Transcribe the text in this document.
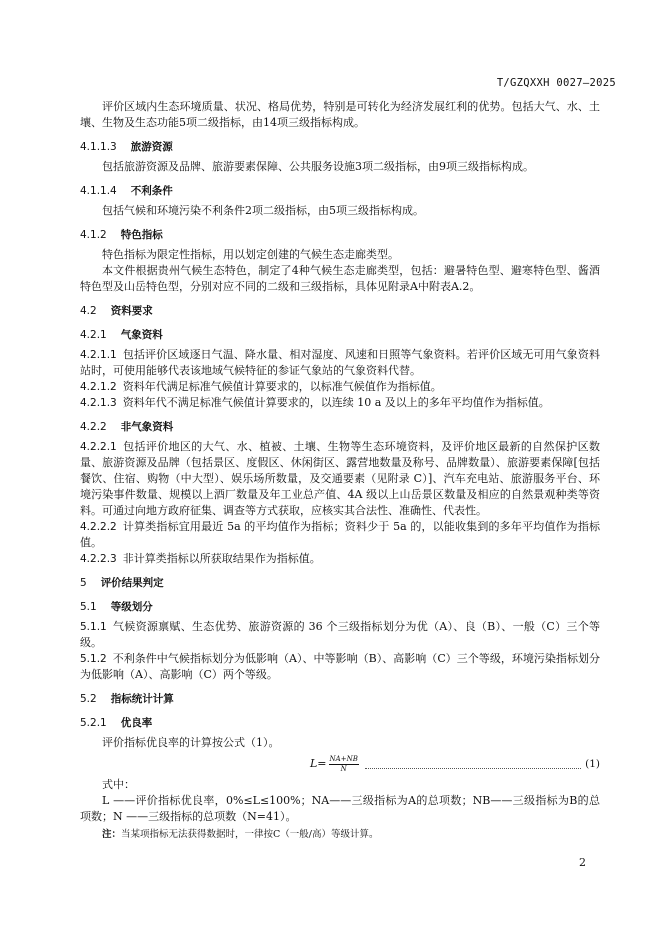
T/GZQXXH 0027—2025

评价区域内生态环境质量、状况、格局优势，特别是可转化为经济发展红利的优势。包括大气、水、土壤、生物及生态功能5项二级指标，由14项三级指标构成。

4.1.1.3 旅游资源

包括旅游资源及品牌、旅游要素保障、公共服务设施3项二级指标，由9项三级指标构成。

4.1.1.4 不利条件

包括气候和环境污染不利条件2项二级指标，由5项三级指标构成。

4.1.2 特色指标

特色指标为限定性指标，用以划定创建的气候生态走廊类型。

本文件根据贵州气候生态特色，制定了4种气候生态走廊类型，包括：避暑特色型、避寒特色型、酱酒特色型及山岳特色型，分别对应不同的二级和三级指标，具体见附录A中附表A.2。

4.2 资料要求

4.2.1 气象资料

4.2.1.1 包括评价区域逐日气温、降水量、相对湿度、风速和日照等气象资料。若评价区域无可用气象资料站时，可使用能够代表该地域气候特征的参证气象站的气象资料代替。

4.2.1.2 资料年代满足标准气候值计算要求的，以标准气候值作为指标值。

4.2.1.3 资料年代不满足标准气候值计算要求的，以连续 10 a 及以上的多年平均值作为指标值。

4.2.2 非气象资料

4.2.2.1 包括评价地区的大气、水、植被、土壤、生物等生态环境资料，及评价地区最新的自然保护区数量、旅游资源及品牌（包括景区、度假区、休闲街区、露营地数量及称号、品牌数量）、旅游要素保障[包括餐饮、住宿、购物（中大型）、娱乐场所数量，及交通要素（见附录 C）]、汽车充电站、旅游服务平台、环境污染事件数量、规模以上酒厂数量及年工业总产值、4A 级以上山岳景区数量及相应的自然景观种类等资料。可通过向地方政府征集、调查等方式获取，应核实其合法性、准确性、代表性。

4.2.2.2 计算类指标宜用最近 5a 的平均值作为指标；资料少于 5a 的，以能收集到的多年平均值作为指标值。

4.2.2.3 非计算类指标以所获取结果作为指标值。

5 评价结果判定

5.1 等级划分

5.1.1 气候资源禀赋、生态优势、旅游资源的 36 个三级指标划分为优（A）、良（B）、一般（C）三个等级。

5.1.2 不利条件中气候指标划分为低影响（A）、中等影响（B）、高影响（C）三个等级，环境污染指标划分为低影响（A）、高影响（C）两个等级。

5.2 指标统计计算

5.2.1 优良率

评价指标优良率的计算按公式（1）。

$L= \frac{NA+NB}{N}$	(1)

式中：

L ——评价指标优良率，0%≤L≤100%；NA——三级指标为A的总项数；NB——三级指标为B的总项数；N ——三级指标的总项数（N=41）。

注：当某项指标无法获得数据时，一律按C（一般/高）等级计算。

2
